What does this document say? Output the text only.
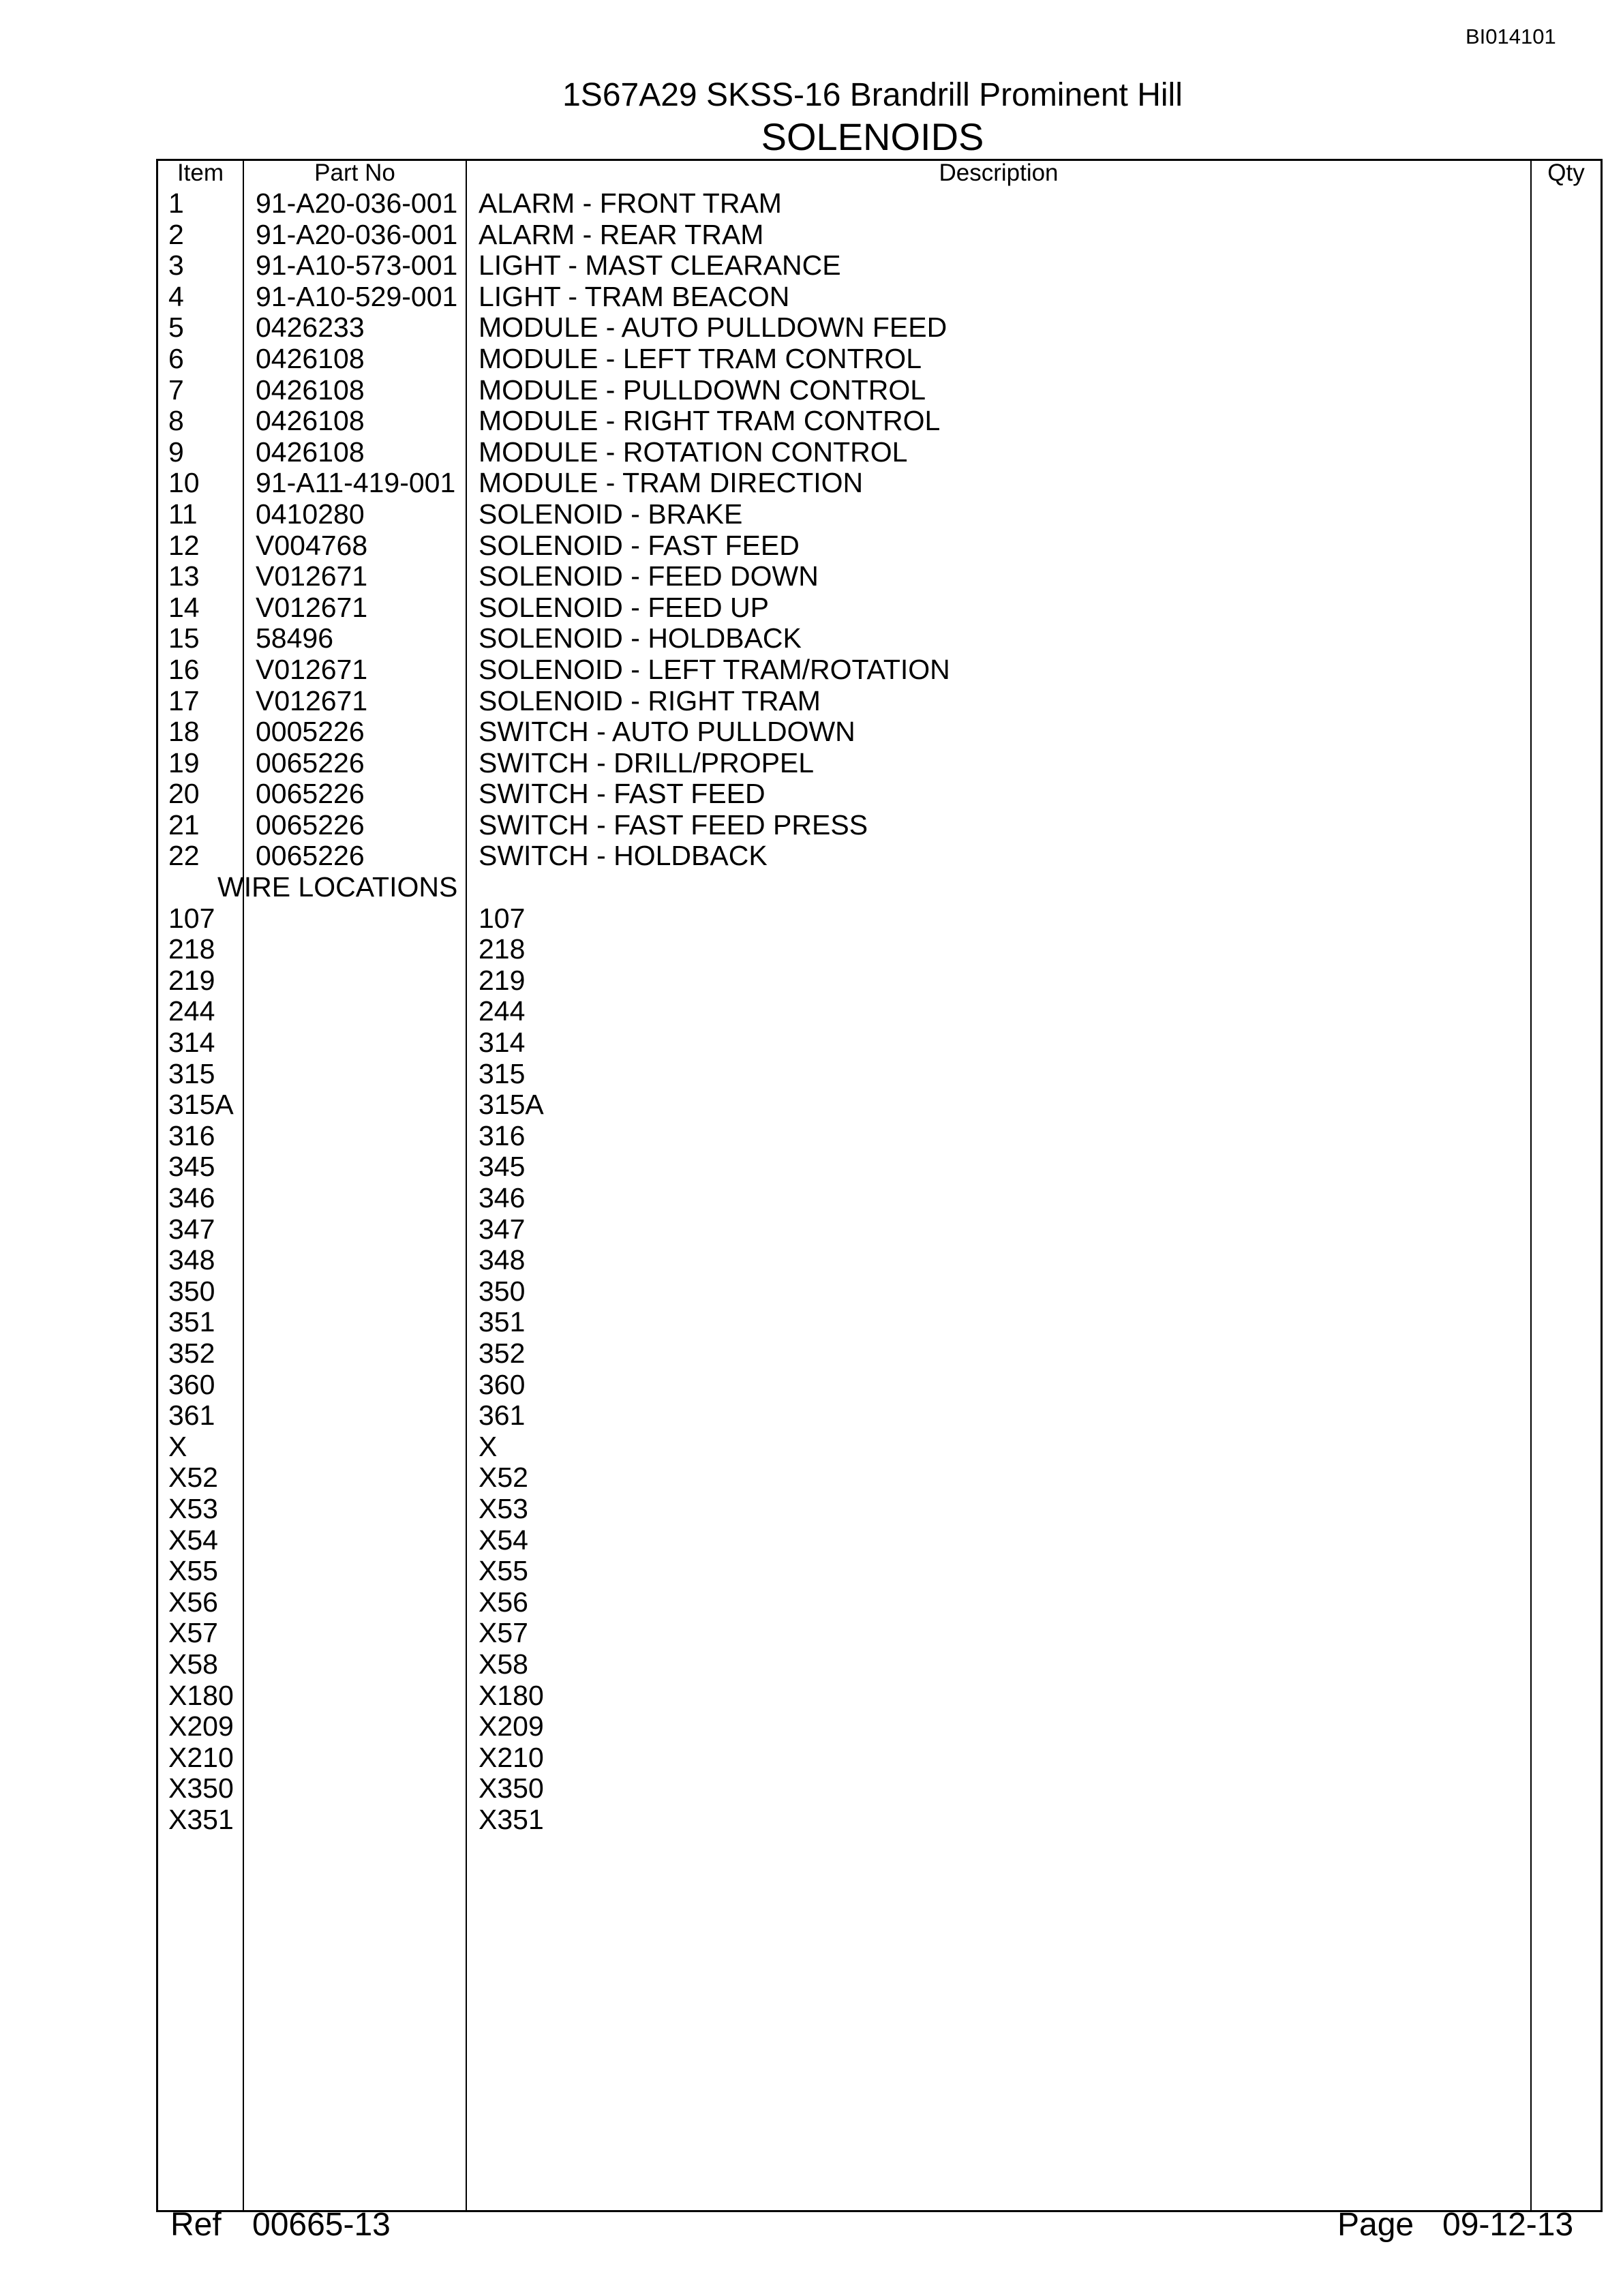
BI014101
1S67A29 SKSS-16 Brandrill Prominent Hill
SOLENOIDS
Item	Part No	Description	Qty
1	91-A20-036-001 ALARM - FRONT TRAM
2	91-A20-036-001 ALARM - REAR TRAM
3	91-A10-573-001 LIGHT - MAST CLEARANCE
4	91-A10-529-001 LIGHT - TRAM BEACON
5	0426233	MODULE - AUTO PULLDOWN FEED
6	0426108	MODULE - LEFT TRAM CONTROL
7	0426108	MODULE - PULLDOWN CONTROL
8	0426108	MODULE - RIGHT TRAM CONTROL
9	0426108	MODULE - ROTATION CONTROL
10 91-A11-419-001 MODULE - TRAM DIRECTION
11 0410280	SOLENOID - BRAKE
12 V004768	SOLENOID - FAST FEED
13 V012671	SOLENOID - FEED DOWN
14 V012671	SOLENOID - FEED UP
15 58496	SOLENOID - HOLDBACK
16 V012671	SOLENOID - LEFT TRAM/ROTATION
17 V012671	SOLENOID - RIGHT TRAM
18 0005226	SWITCH - AUTO PULLDOWN
19 0065226	SWITCH - DRILL/PROPEL
20 0065226	SWITCH - FAST FEED
21 0065226	SWITCH - FAST FEED PRESS
22 0065226	SWITCH - HOLDBACK
WIRE LOCATIONS
107	107
218	218
219	219
244	244
314	314
315	315
315A	315A
316	316
345	345
346	346
347	347
348	348
350	350
351	351
352	352
360	360
361	361
X	X
X52	X52
X53	X53
X54	X54
X55	X55
X56	X56
X57	X57
X58	X58
X180	X180
X209	X209
X210	X210
X350	X350
X351	X351
Ref 00665-13	Page 09-12-13
